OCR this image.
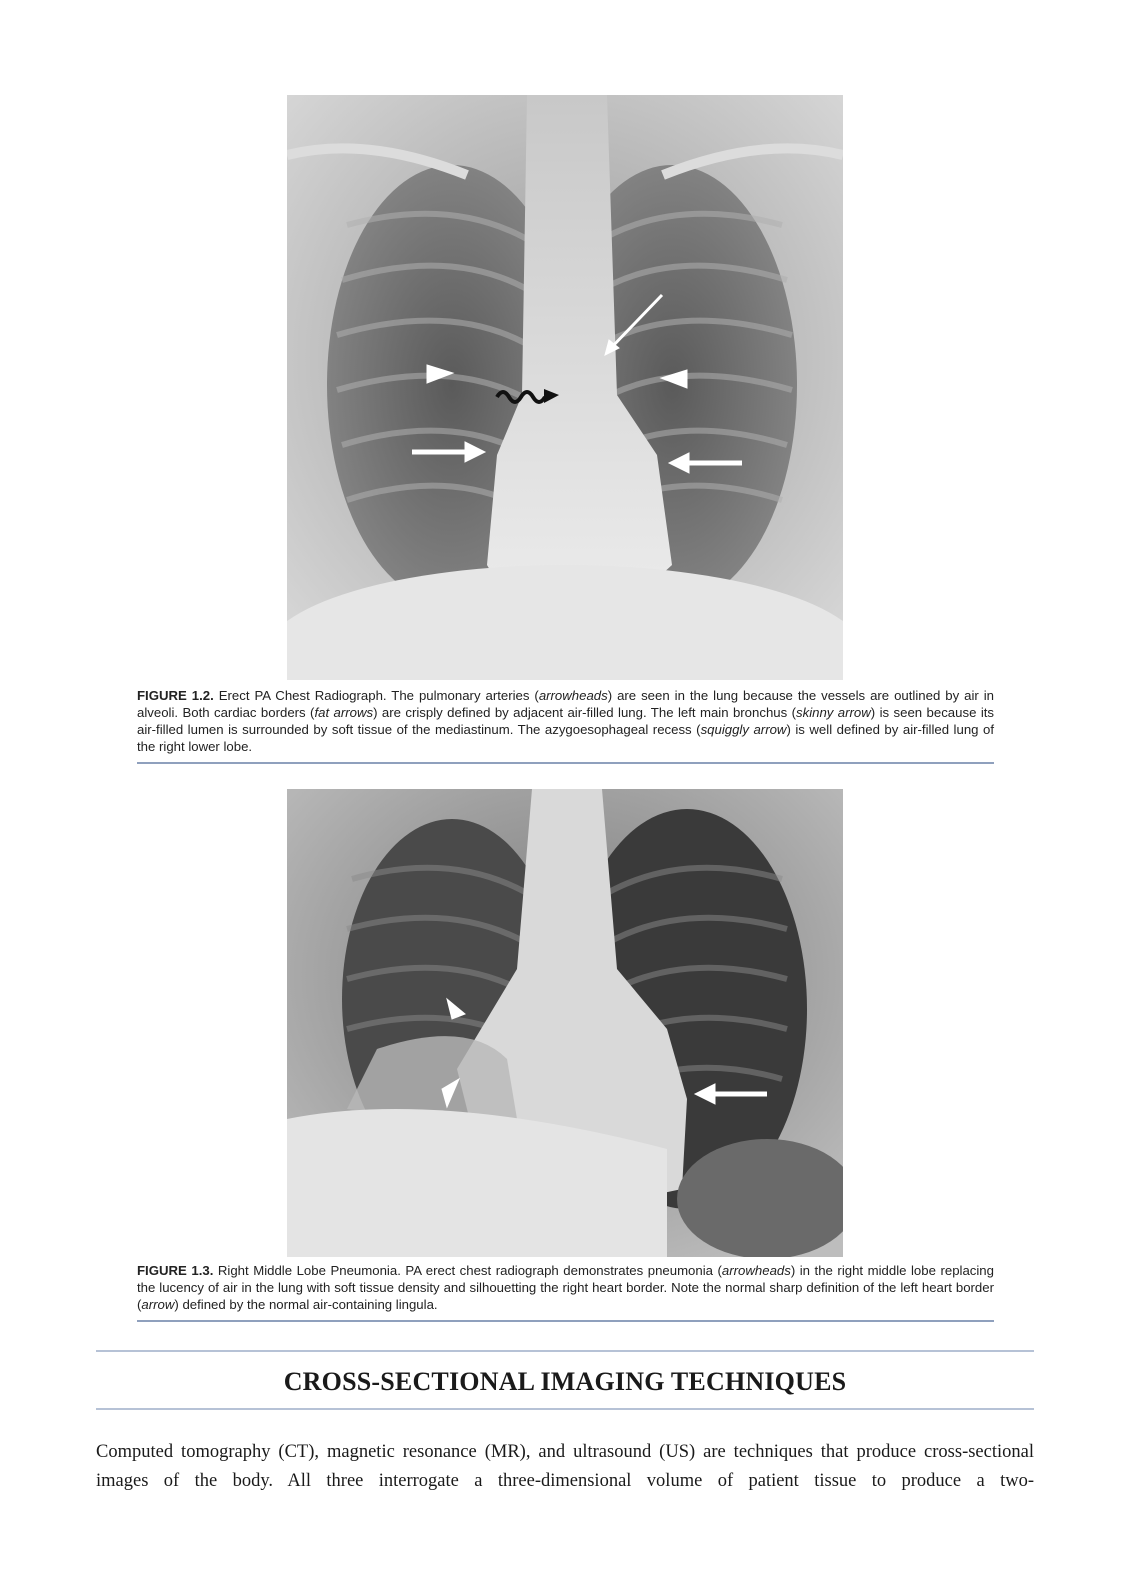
FIGURE 1.2. Erect PA Chest Radiograph. The pulmonary arteries (arrowheads) are seen in the lung because the vessels are outlined by air in alveoli. Both cardiac borders (fat arrows) are crisply defined by adjacent air-filled lung. The left main bronchus (skinny arrow) is seen because its air-filled lumen is surrounded by soft tissue of the mediastinum. The azygoesophageal recess (squiggly arrow) is well defined by air-filled lung of the right lower lobe.
FIGURE 1.3. Right Middle Lobe Pneumonia. PA erect chest radiograph demonstrates pneumonia (arrowheads) in the right middle lobe replacing the lucency of air in the lung with soft tissue density and silhouetting the right heart border. Note the normal sharp definition of the left heart border (arrow) defined by the normal air-containing lingula.
CROSS-SECTIONAL IMAGING TECHNIQUES
Computed tomography (CT), magnetic resonance (MR), and ultrasound (US) are techniques that produce cross-sectional images of the body. All three interrogate a three-dimensional volume of patient tissue to produce a two-
